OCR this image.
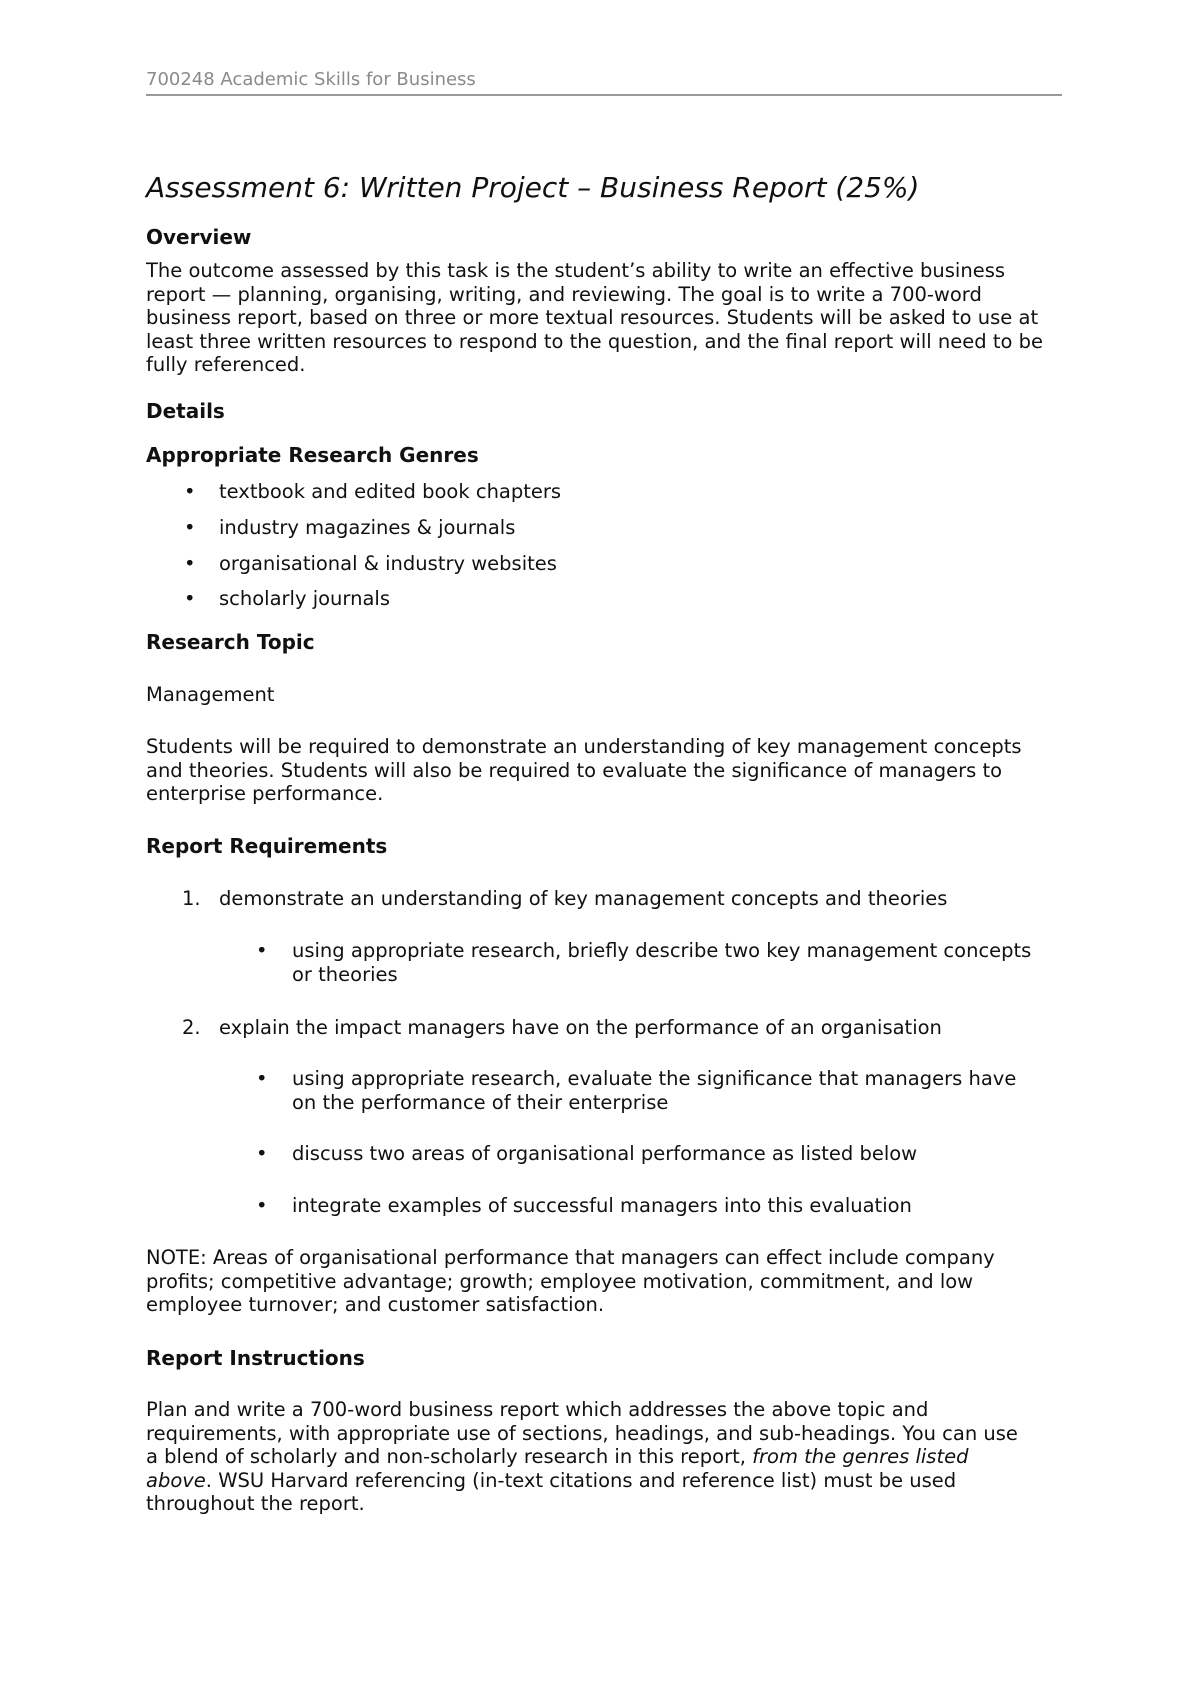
700248 Academic Skills for Business
Assessment 6: Written Project – Business Report (25%)
Overview
The outcome assessed by this task is the student’s ability to write an effective business
report — planning, organising, writing, and reviewing. The goal is to write a 700-word
business report, based on three or more textual resources. Students will be asked to use at
least three written resources to respond to the question, and the final report will need to be
fully referenced.
Details
Appropriate Research Genres
• textbook and edited book chapters
• industry magazines & journals
• organisational & industry websites
• scholarly journals
Research Topic
Management
Students will be required to demonstrate an understanding of key management concepts
and theories. Students will also be required to evaluate the significance of managers to
enterprise performance.
Report Requirements
1. demonstrate an understanding of key management concepts and theories
• using appropriate research, briefly describe two key management concepts
or theories
2. explain the impact managers have on the performance of an organisation
• using appropriate research, evaluate the significance that managers have
on the performance of their enterprise
• discuss two areas of organisational performance as listed below
• integrate examples of successful managers into this evaluation
NOTE: Areas of organisational performance that managers can effect include company
profits; competitive advantage; growth; employee motivation, commitment, and low
employee turnover; and customer satisfaction.
Report Instructions
Plan and write a 700-word business report which addresses the above topic and
requirements, with appropriate use of sections, headings, and sub-headings. You can use
a blend of scholarly and non-scholarly research in this report, from the genres listed
above. WSU Harvard referencing (in-text citations and reference list) must be used
throughout the report.
